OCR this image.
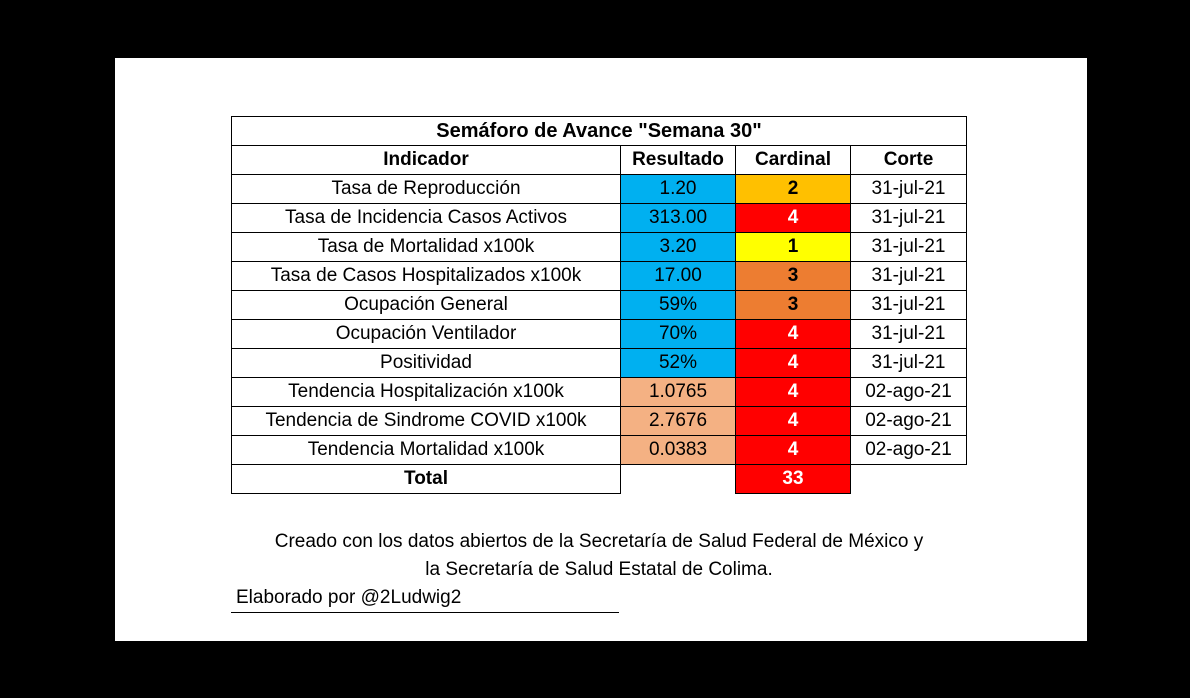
Semáforo de Avance "Semana 30"			
Indicador	Resultado	Cardinal	Corte
Tasa de Reproducción	1.20	2	31-jul-21
Tasa de Incidencia Casos Activos	313.00	4	31-jul-21
Tasa de Mortalidad x100k	3.20	1	31-jul-21
Tasa de Casos Hospitalizados x100k	17.00	3	31-jul-21
Ocupación General	59%	3	31-jul-21
Ocupación Ventilador	70%	4	31-jul-21
Positividad	52%	4	31-jul-21
Tendencia Hospitalización x100k	1.0765	4	02-ago-21
Tendencia de Sindrome COVID x100k	2.7676	4	02-ago-21
Tendencia Mortalidad x100k	0.0383	4	02-ago-21
Total		33	
Creado con los datos abiertos de la Secretaría de Salud Federal de México y
la Secretaría de Salud Estatal de Colima.
Elaborado por @2Ludwig2
